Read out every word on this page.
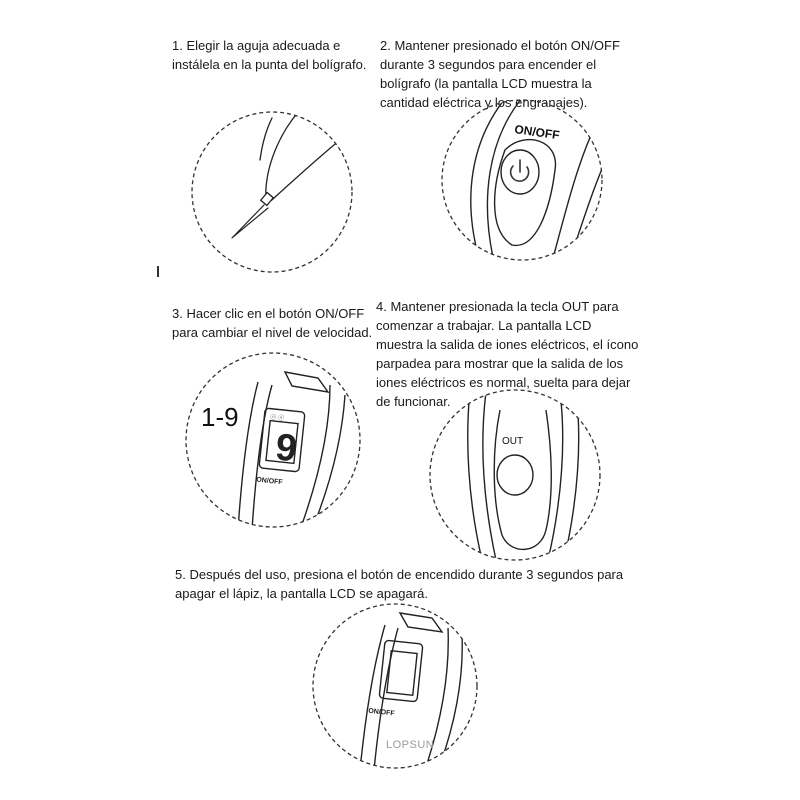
1. Elegir la aguja adecuada e

instálela en la punta del bolígrafo.

2. Mantener presionado el botón ON/OFF

durante 3 segundos para encender el

bolígrafo (la pantalla LCD muestra la

cantidad eléctrica y los engranajes).

3. Hacer clic en el botón ON/OFF

para cambiar el nivel de velocidad.

4. Mantener presionada la tecla OUT para

comenzar a trabajar. La pantalla LCD

muestra la salida de iones eléctricos, el ícono

parpadea para mostrar que la salida de los

iones eléctricos es normal, suelta para dejar

de funcionar.

5. Después del uso, presiona el botón de encendido durante 3 segundos para

apagar el lápiz, la pantalla LCD se apagará.

ON/OFF
9
ⓞ ⓞ
ON/OFF
1-9
OUT
ON/OFF
LOPSUN
